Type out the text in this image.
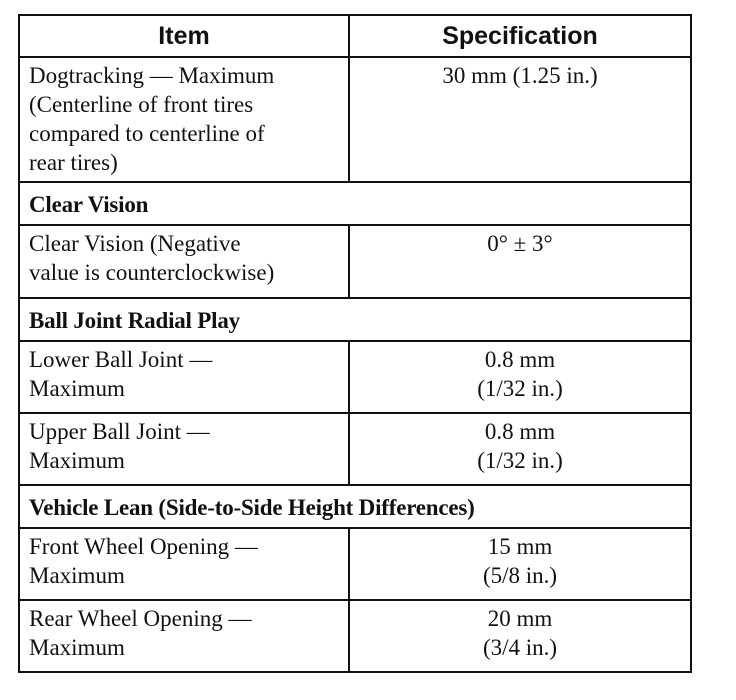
Item	Specification

Dogtracking — Maximum
(Centerline of front tires
compared to centerline of
rear tires)	30 mm (1.25 in.)

Clear Vision	

Clear Vision (Negative
value is counterclockwise)	0° ± 3°

Ball Joint Radial Play	

Lower Ball Joint —
Maximum	0.8 mm
(1/32 in.)

Upper Ball Joint —
Maximum	0.8 mm
(1/32 in.)

Vehicle Lean (Side-to-Side Height Differences)	

Front Wheel Opening —
Maximum	15 mm
(5/8 in.)

Rear Wheel Opening —
Maximum	20 mm
(3/4 in.)
